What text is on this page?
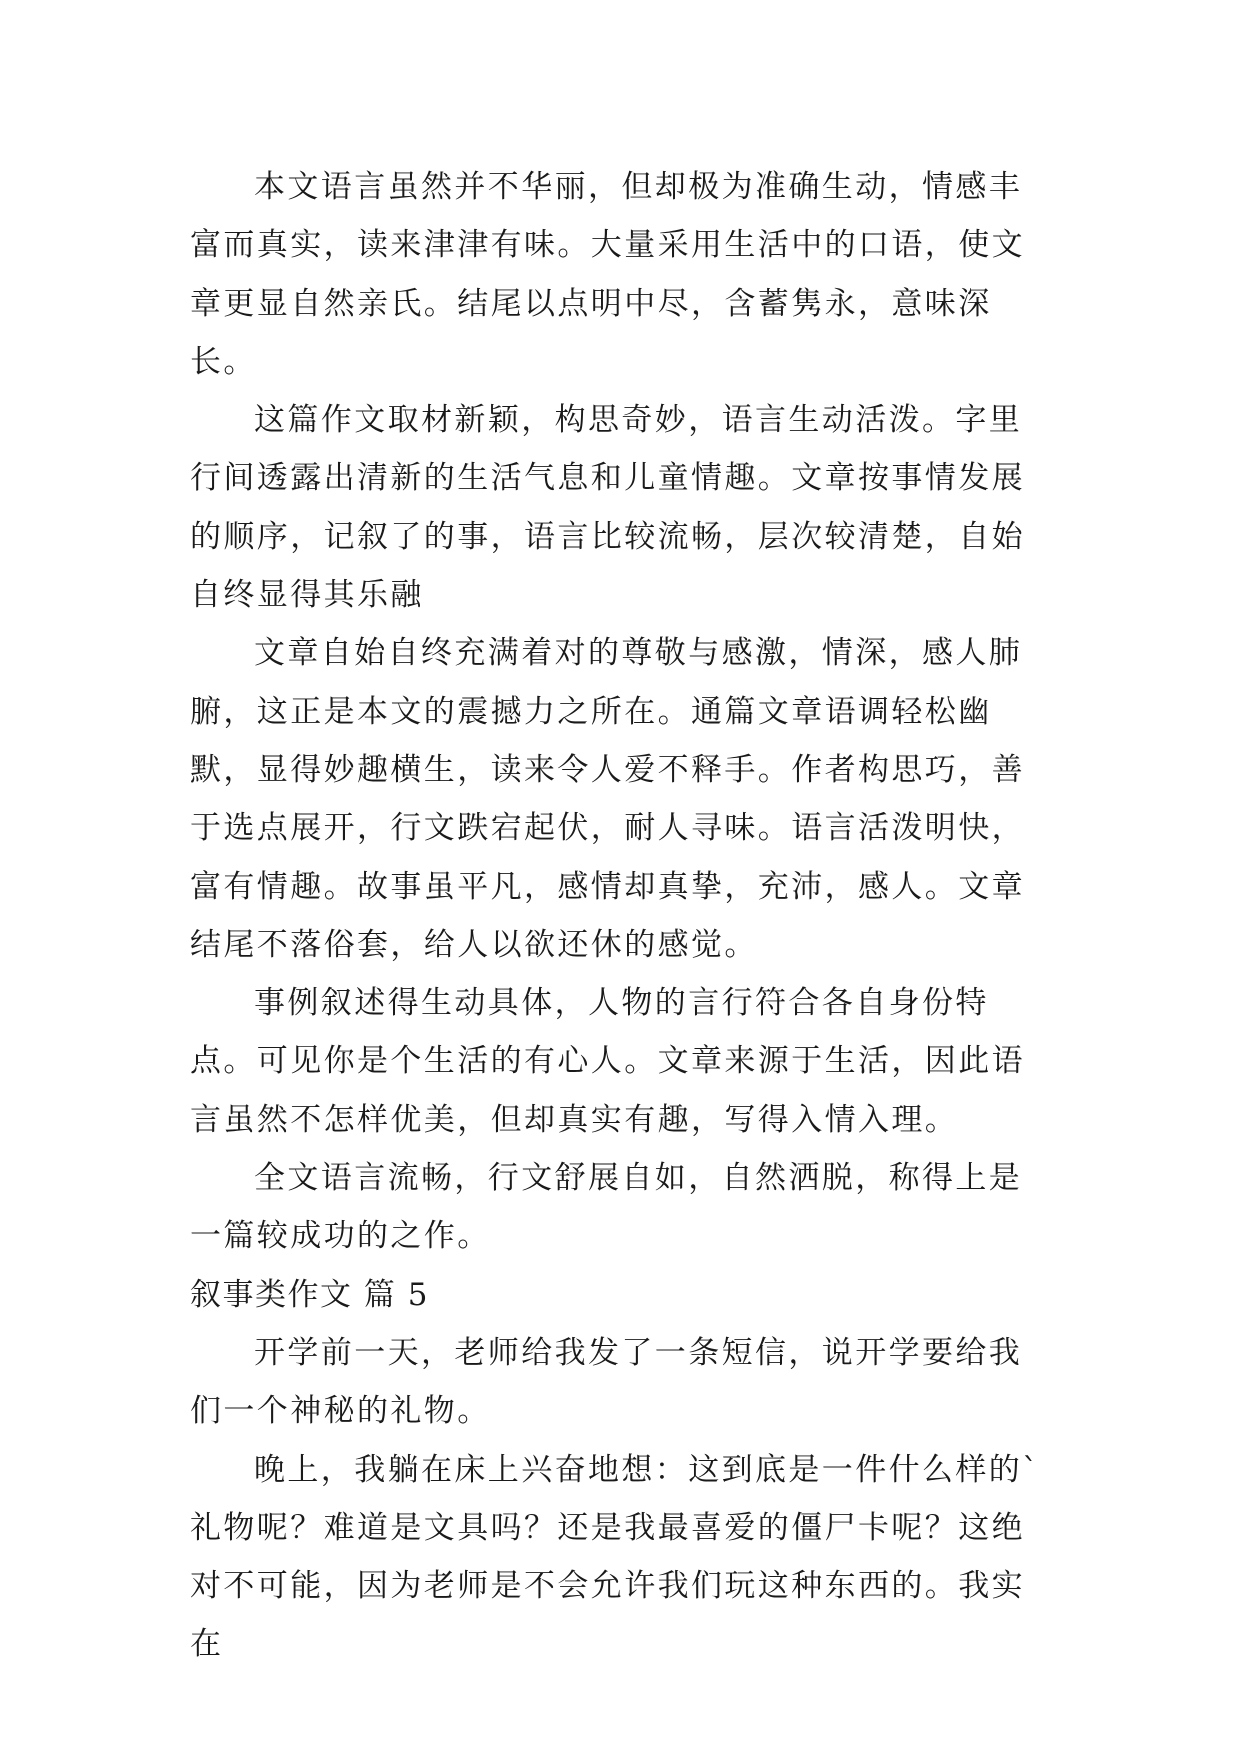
本文语言虽然并不华丽，但却极为准确生动，情感丰富而真实，读来津津有味。大量采用生活中的口语，使文章更显自然亲氏。结尾以点明中尽，含蓄隽永，意味深长。

这篇作文取材新颖，构思奇妙，语言生动活泼。字里行间透露出清新的生活气息和儿童情趣。文章按事情发展的顺序，记叙了的事，语言比较流畅，层次较清楚，自始自终显得其乐融

文章自始自终充满着对的尊敬与感激，情深，感人肺腑，这正是本文的震撼力之所在。通篇文章语调轻松幽默，显得妙趣横生，读来令人爱不释手。作者构思巧，善于选点展开，行文跌宕起伏，耐人寻味。语言活泼明快，富有情趣。故事虽平凡，感情却真挚，充沛，感人。文章结尾不落俗套，给人以欲还休的感觉。

事例叙述得生动具体，人物的言行符合各自身份特点。可见你是个生活的有心人。文章来源于生活，因此语言虽然不怎样优美，但却真实有趣，写得入情入理。

全文语言流畅，行文舒展自如，自然洒脱，称得上是一篇较成功的之作。

叙事类作文 篇 5

开学前一天，老师给我发了一条短信，说开学要给我们一个神秘的礼物。

晚上，我躺在床上兴奋地想：这到底是一件什么样的`礼物呢？难道是文具吗？还是我最喜爱的僵尸卡呢？这绝对不可能，因为老师是不会允许我们玩这种东西的。我实在
